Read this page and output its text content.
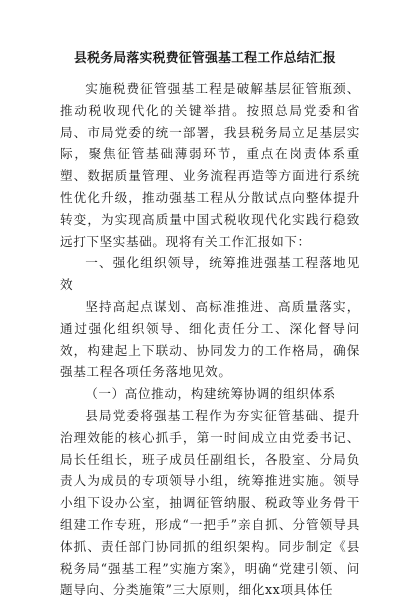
县税务局落实税费征管强基工程工作总结汇报

实施税费征管强基工程是破解基层征管瓶颈、推动税收现代化的关键举措。按照总局党委和省局、市局党委的统一部署，我县税务局立足基层实际，聚焦征管基础薄弱环节，重点在岗责体系重塑、数据质量管理、业务流程再造等方面进行系统性优化升级，推动强基工程从分散试点向整体提升转变，为实现高质量中国式税收现代化实践行稳致远打下坚实基础。现将有关工作汇报如下：

一、强化组织领导，统筹推进强基工程落地见效

坚持高起点谋划、高标准推进、高质量落实，通过强化组织领导、细化责任分工、深化督导问效，构建起上下联动、协同发力的工作格局，确保强基工程各项任务落地见效。

（一）高位推动，构建统筹协调的组织体系

县局党委将强基工程作为夯实征管基础、提升治理效能的核心抓手，第一时间成立由党委书记、局长任组长，班子成员任副组长，各股室、分局负责人为成员的专项领导小组，统筹推进实施。领导小组下设办公室，抽调征管纳服、税政等业务骨干组建工作专班，形成“一把手”亲自抓、分管领导具体抓、责任部门协同抓的组织架构。同步制定《县税务局“强基工程”实施方案》，明确“党建引领、问题导向、分类施策”三大原则，细化xx项具体任
